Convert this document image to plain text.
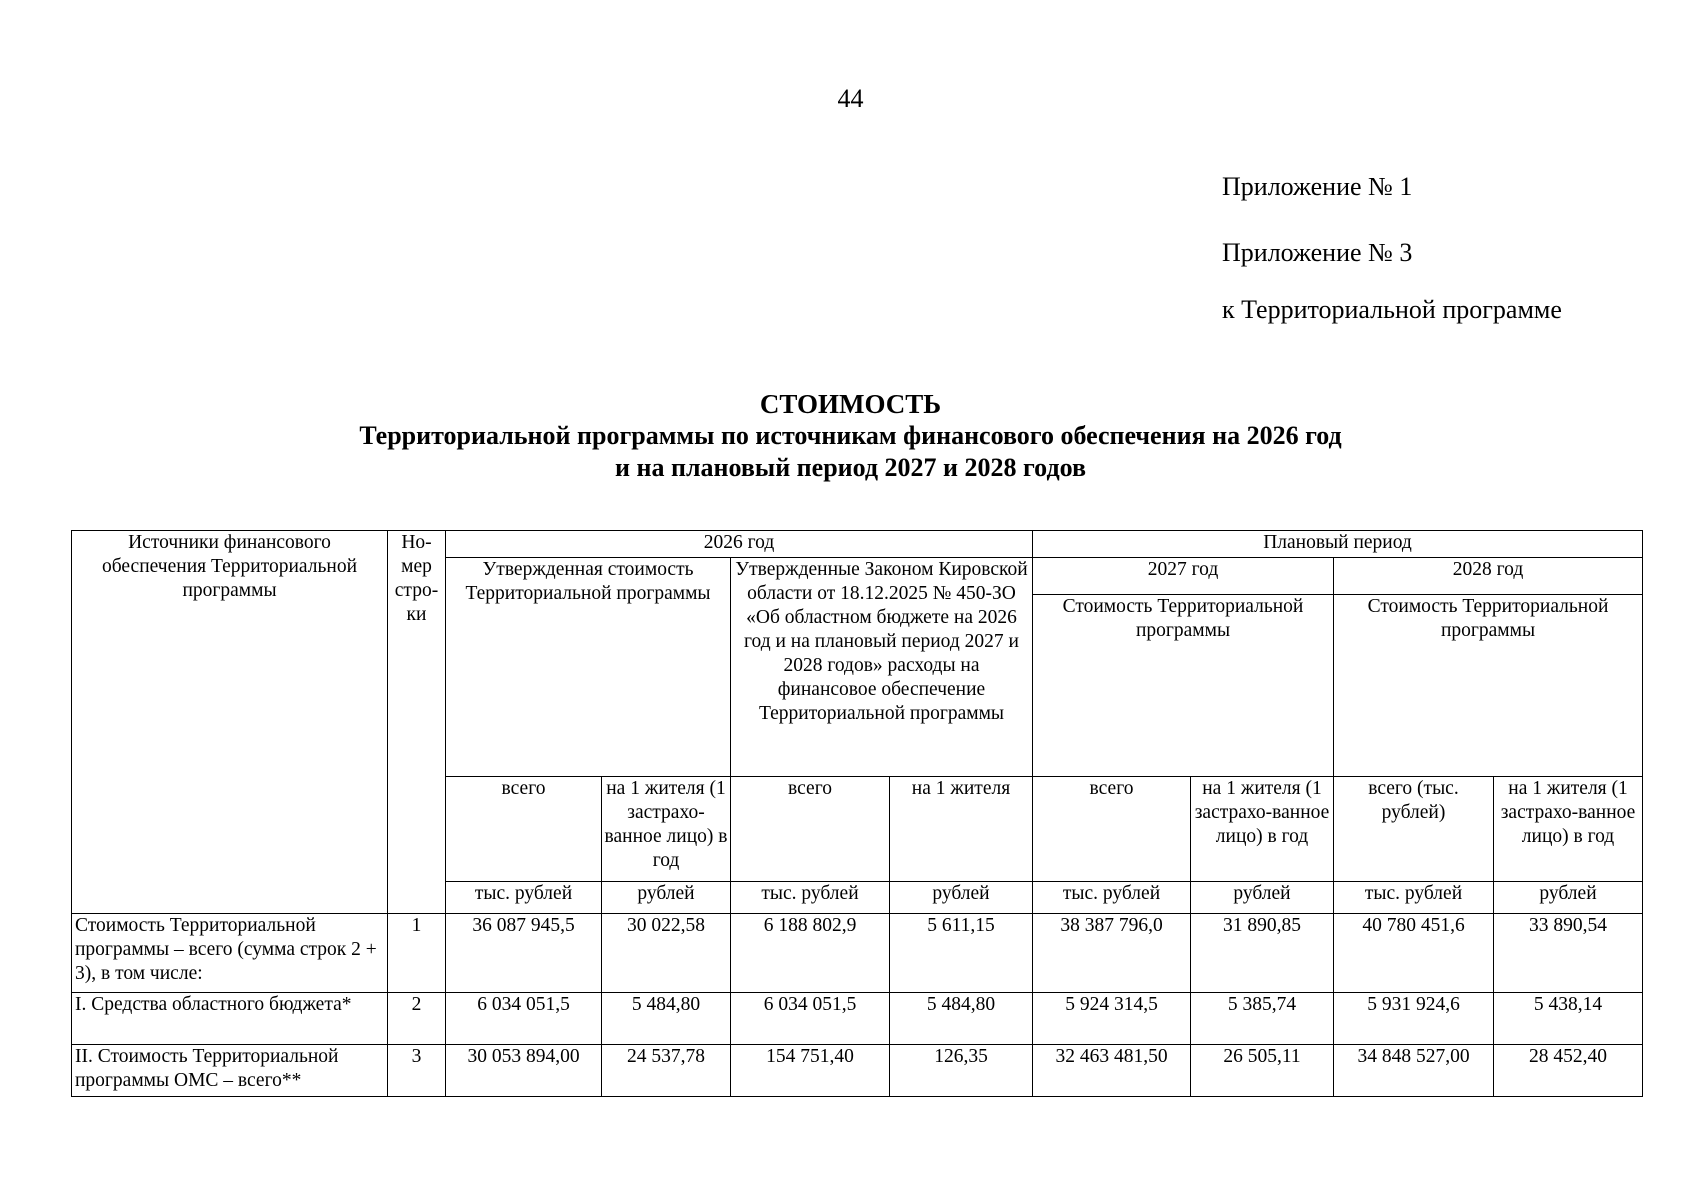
44
Приложение № 1
Приложение № 3
к Территориальной программе
СТОИМОСТЬ
Территориальной программы по источникам финансового обеспечения на 2026 год
и на плановый период 2027 и 2028 годов
Источники финансового обеспечения Территориальной программы	Но-мер стро-ки	2026 год				Плановый период			
		Утвержденная стоимость Территориальной программы		Утвержденные Законом Кировской области от 18.12.2025 № 450-ЗО «Об областном бюджете на 2026 год и на плановый период 2027 и 2028 годов» расходы на финансовое обеспечение Территориальной программы		2027 год		2028 год	
						Стоимость Территориальной программы		Стоимость Территориальной программы	
		всего	на 1 жителя (1 застрахо-ванное лицо) в год	всего	на 1 жителя	всего	на 1 жителя (1 застрахо-ванное лицо) в год	всего (тыс. рублей)	на 1 жителя (1 застрахо-ванное лицо) в год
		тыс. рублей	рублей	тыс. рублей	рублей	тыс. рублей	рублей	тыс. рублей	рублей
Стоимость Территориальной программы – всего (сумма строк 2 + 3), в том числе:	1	36 087 945,5	30 022,58	6 188 802,9	5 611,15	38 387 796,0	31 890,85	40 780 451,6	33 890,54
I. Средства областного бюджета*	2	6 034 051,5	5 484,80	6 034 051,5	5 484,80	5 924 314,5	5 385,74	5 931 924,6	5 438,14
II. Стоимость Территориальной программы ОМС – всего**	3	30 053 894,00	24 537,78	154 751,40	126,35	32 463 481,50	26 505,11	34 848 527,00	28 452,40
